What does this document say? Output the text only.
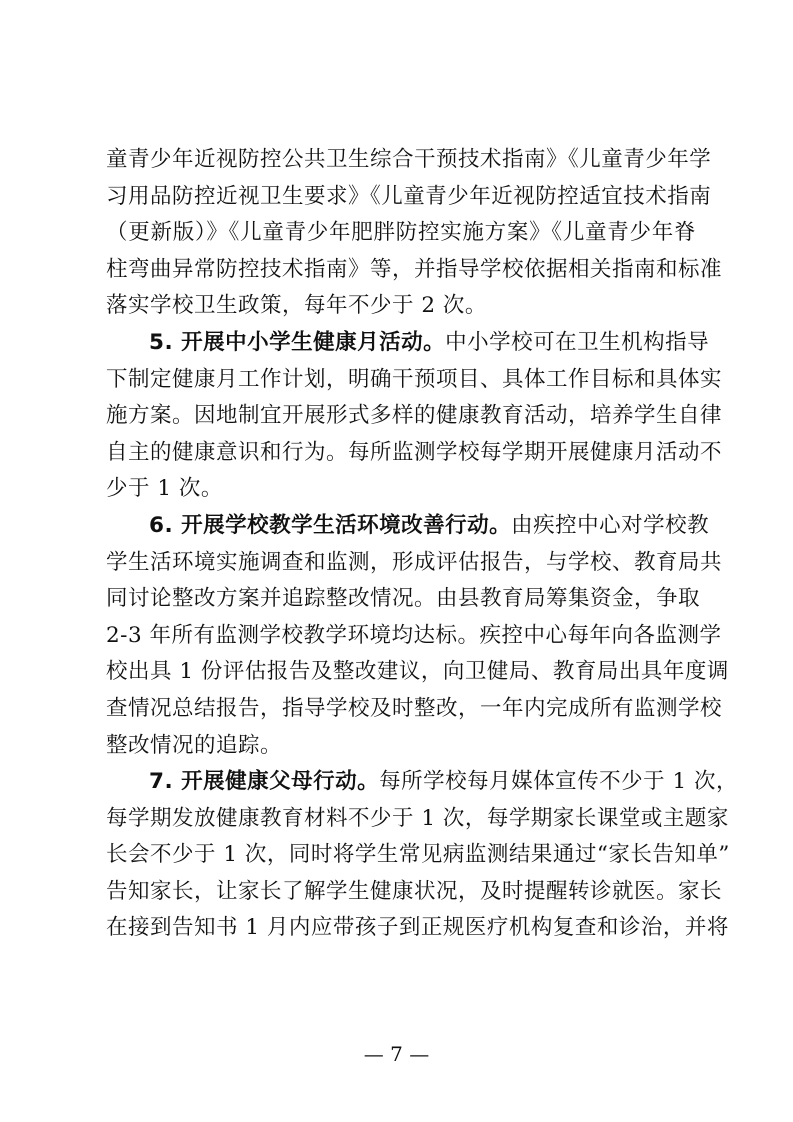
童青少年近视防控公共卫生综合干预技术指南》《儿童青少年学
习用品防控近视卫生要求》《儿童青少年近视防控适宜技术指南
（更新版）》《儿童青少年肥胖防控实施方案》《儿童青少年脊
柱弯曲异常防控技术指南》等，并指导学校依据相关指南和标准
落实学校卫生政策，每年不少于 2 次。
5. 开展中小学生健康月活动。中小学校可在卫生机构指导
下制定健康月工作计划，明确干预项目、具体工作目标和具体实
施方案。因地制宜开展形式多样的健康教育活动，培养学生自律
自主的健康意识和行为。每所监测学校每学期开展健康月活动不
少于 1 次。
6. 开展学校教学生活环境改善行动。由疾控中心对学校教
学生活环境实施调查和监测，形成评估报告，与学校、教育局共
同讨论整改方案并追踪整改情况。由县教育局筹集资金，争取
2-3 年所有监测学校教学环境均达标。疾控中心每年向各监测学
校出具 1 份评估报告及整改建议，向卫健局、教育局出具年度调
查情况总结报告，指导学校及时整改，一年内完成所有监测学校
整改情况的追踪。
7. 开展健康父母行动。每所学校每月媒体宣传不少于 1 次，
每学期发放健康教育材料不少于 1 次，每学期家长课堂或主题家
长会不少于 1 次，同时将学生常见病监测结果通过“家长告知单”
告知家长，让家长了解学生健康状况，及时提醒转诊就医。家长
在接到告知书 1 月内应带孩子到正规医疗机构复查和诊治，并将
— 7 —
